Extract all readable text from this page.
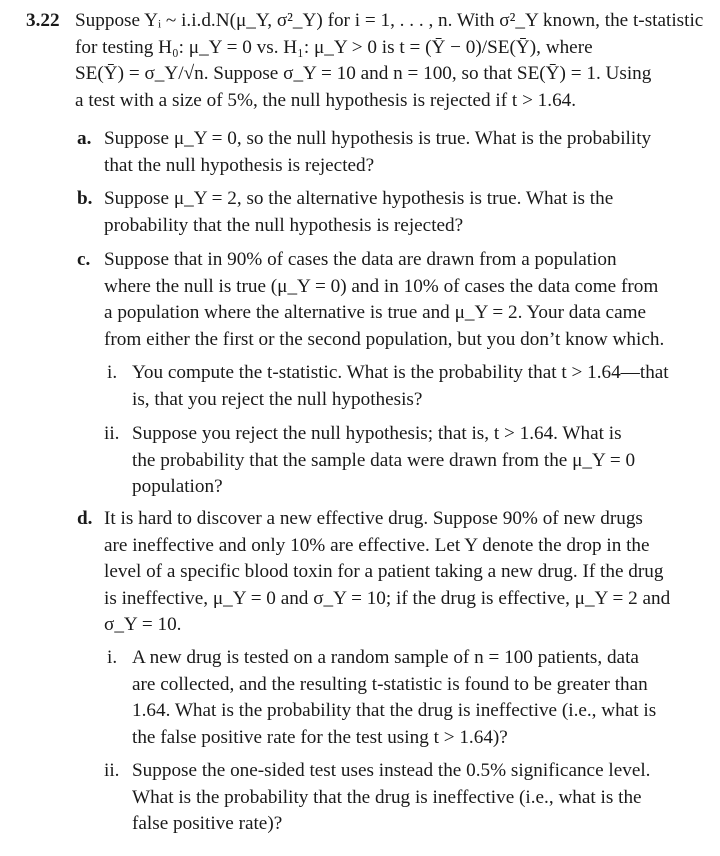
3.22 Suppose Yᵢ ~ i.i.d.N(μ_Y, σ²_Y) for i = 1, . . . , n. With σ²_Y known, the t-statistic
for testing H₀: μ_Y = 0 vs. H₁: μ_Y > 0 is t = (Ȳ − 0)/SE(Ȳ), where
SE(Ȳ) = σ_Y/√n. Suppose σ_Y = 10 and n = 100, so that SE(Ȳ) = 1. Using
a test with a size of 5%, the null hypothesis is rejected if t > 1.64.
a. Suppose μ_Y = 0, so the null hypothesis is true. What is the probability
that the null hypothesis is rejected?
b. Suppose μ_Y = 2, so the alternative hypothesis is true. What is the
probability that the null hypothesis is rejected?
c. Suppose that in 90% of cases the data are drawn from a population
where the null is true (μ_Y = 0) and in 10% of cases the data come from
a population where the alternative is true and μ_Y = 2. Your data came
from either the first or the second population, but you don’t know which.
i. You compute the t-statistic. What is the probability that t > 1.64—that
is, that you reject the null hypothesis?
ii. Suppose you reject the null hypothesis; that is, t > 1.64. What is
the probability that the sample data were drawn from the μ_Y = 0
population?
d. It is hard to discover a new effective drug. Suppose 90% of new drugs
are ineffective and only 10% are effective. Let Y denote the drop in the
level of a specific blood toxin for a patient taking a new drug. If the drug
is ineffective, μ_Y = 0 and σ_Y = 10; if the drug is effective, μ_Y = 2 and
σ_Y = 10.
i. A new drug is tested on a random sample of n = 100 patients, data
are collected, and the resulting t-statistic is found to be greater than
1.64. What is the probability that the drug is ineffective (i.e., what is
the false positive rate for the test using t > 1.64)?
ii. Suppose the one-sided test uses instead the 0.5% significance level.
What is the probability that the drug is ineffective (i.e., what is the
false positive rate)?
